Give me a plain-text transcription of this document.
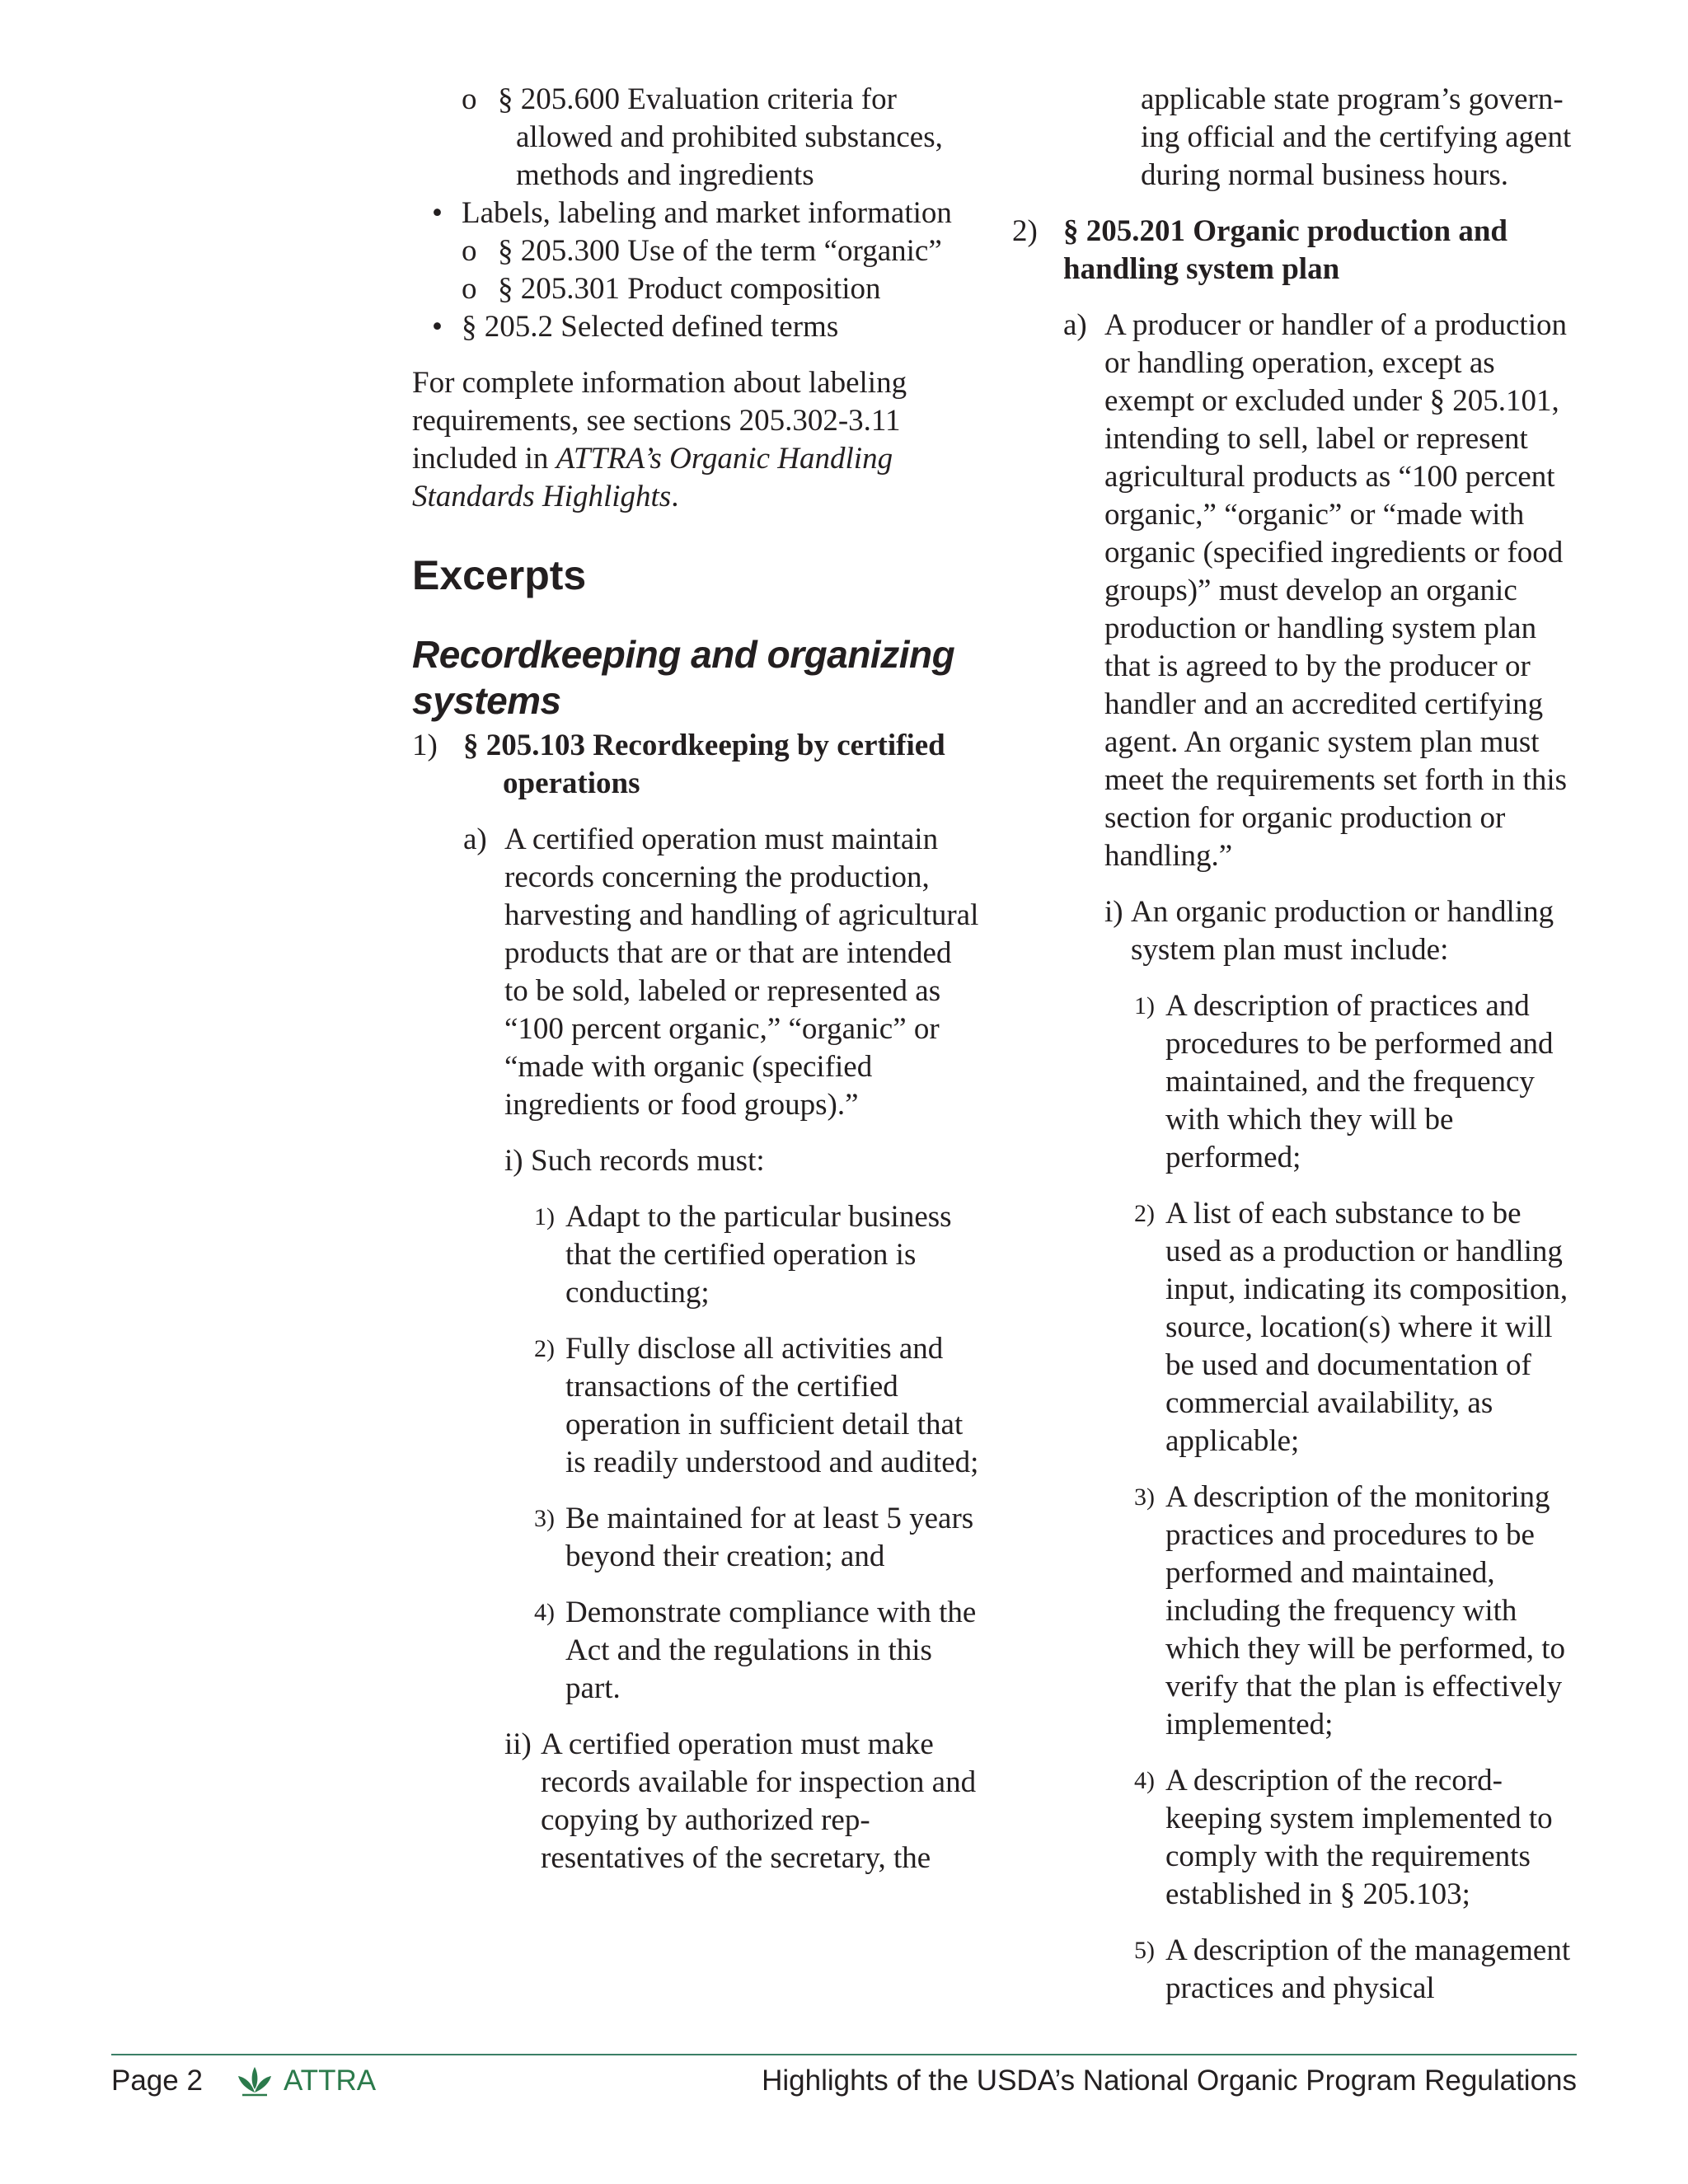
o § 205.600 Evaluation criteria for allowed and prohibited substances, methods and ingredients
• Labels, labeling and market information
o § 205.300 Use of the term “organic”
o § 205.301 Product composition
• § 205.2 Selected defined terms

For complete information about labeling requirements, see sections 205.302-3.11 included in ATTRA’s Organic Handling Standards Highlights.

Excerpts
Recordkeeping and organizing systems
1) § 205.103 Recordkeeping by certified operations
a) A certified operation must maintain records concerning the production, harvesting and handling of agricultural products that are or that are intended to be sold, labeled or represented as “100 percent organic,” “organic” or “made with organic (specified ingredients or food groups).”
i) Such records must:
1) Adapt to the particular business that the certified operation is conducting;
2) Fully disclose all activities and transactions of the certified operation in sufficient detail that is readily understood and audited;
3) Be maintained for at least 5 years beyond their creation; and
4) Demonstrate compliance with the Act and the regulations in this part.
ii) A certified operation must make records available for inspection and copying by authorized representatives of the secretary, the
applicable state program’s governing official and the certifying agent during normal business hours.
2) § 205.201 Organic production and handling system plan
a) A producer or handler of a production or handling operation, except as exempt or excluded under § 205.101, intending to sell, label or represent agricultural products as “100 percent organic,” “organic” or “made with organic (specified ingredients or food groups)” must develop an organic production or handling system plan that is agreed to by the producer or handler and an accredited certifying agent. An organic system plan must meet the requirements set forth in this section for organic production or handling.”
i) An organic production or handling system plan must include:
1) A description of practices and procedures to be performed and maintained, and the frequency with which they will be performed;
2) A list of each substance to be used as a production or handling input, indicating its composition, source, location(s) where it will be used and documentation of commercial availability, as applicable;
3) A description of the monitoring practices and procedures to be performed and maintained, including the frequency with which they will be performed, to verify that the plan is effectively implemented;
4) A description of the recordkeeping system implemented to comply with the requirements established in § 205.103;
5) A description of the management practices and physical
Page 2	ATTRA	Highlights of the USDA’s National Organic Program Regulations
